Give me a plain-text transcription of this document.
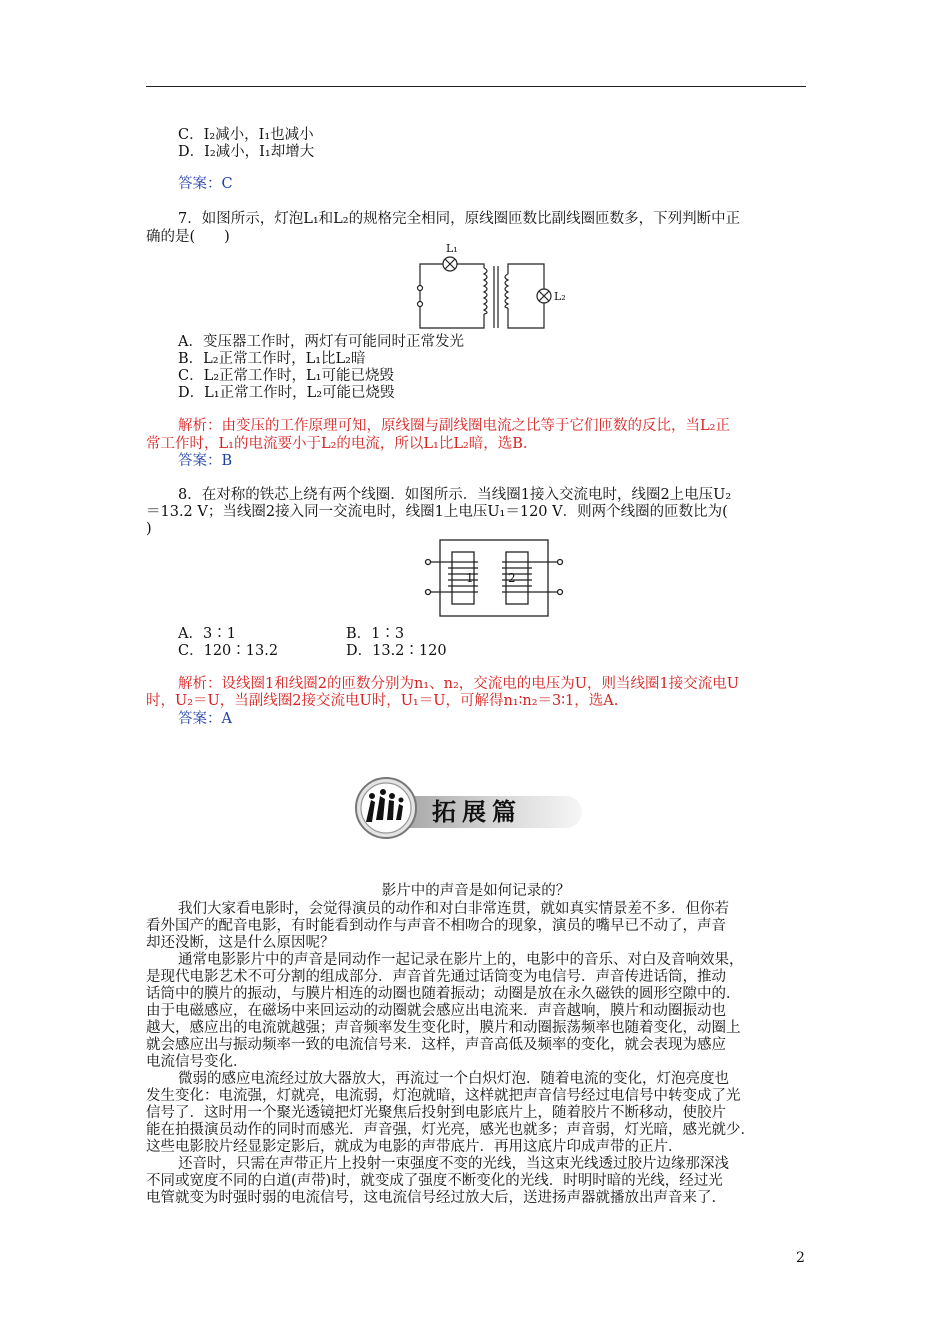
C．I₂减小，I₁也减小
D．I₂减小，I₁却增大
答案：C
7．如图所示，灯泡L₁和L₂的规格完全相同，原线圈匝数比副线圈匝数多，下列判断中正
确的是(　　)
L₁
L₂
A．变压器工作时，两灯有可能同时正常发光
B．L₂正常工作时，L₁比L₂暗
C．L₂正常工作时，L₁可能已烧毁
D．L₁正常工作时，L₂可能已烧毁
解析：由变压的工作原理可知，原线圈与副线圈电流之比等于它们匝数的反比，当L₂正
常工作时，L₁的电流要小于L₂的电流，所以L₁比L₂暗，选B.
答案：B
8．在对称的铁芯上绕有两个线圈．如图所示．当线圈1接入交流电时，线圈2上电压U₂
＝13.2 V；当线圈2接入同一交流电时，线圈1上电压U₁＝120 V．则两个线圈的匝数比为(
)
1	2
A．3∶1	B．1∶3
C．120∶13.2	D．13.2∶120
解析：设线圈1和线圈2的匝数分别为n₁、n₂，交流电的电压为U，则当线圈1接交流电U
时，U₂＝U，当副线圈2接交流电U时，U₁＝U，可解得n₁∶n₂＝3∶1，选A.
答案：A
拓展篇
影片中的声音是如何记录的？
我们大家看电影时，会觉得演员的动作和对白非常连贯，就如真实情景差不多．但你若
看外国产的配音电影，有时能看到动作与声音不相吻合的现象，演员的嘴早已不动了，声音
却还没断，这是什么原因呢？
通常电影影片中的声音是同动作一起记录在影片上的，电影中的音乐、对白及音响效果，
是现代电影艺术不可分割的组成部分．声音首先通过话筒变为电信号．声音传进话筒，推动
话筒中的膜片的振动，与膜片相连的动圈也随着振动；动圈是放在永久磁铁的圆形空隙中的．
由于电磁感应，在磁场中来回运动的动圈就会感应出电流来．声音越响，膜片和动圈振动也
越大，感应出的电流就越强；声音频率发生变化时，膜片和动圈振荡频率也随着变化，动圈上
就会感应出与振动频率一致的电流信号来．这样，声音高低及频率的变化，就会表现为感应
电流信号变化．
微弱的感应电流经过放大器放大，再流过一个白炽灯泡．随着电流的变化，灯泡亮度也
发生变化：电流强，灯就亮，电流弱，灯泡就暗，这样就把声音信号经过电信号中转变成了光
信号了．这时用一个聚光透镜把灯光聚焦后投射到电影底片上，随着胶片不断移动，使胶片
能在拍摄演员动作的同时而感光．声音强，灯光亮，感光也就多；声音弱，灯光暗，感光就少．
这些电影胶片经显影定影后，就成为电影的声带底片．再用这底片印成声带的正片．
还音时，只需在声带正片上投射一束强度不变的光线，当这束光线透过胶片边缘那深浅
不同或宽度不同的白道(声带)时，就变成了强度不断变化的光线．时明时暗的光线，经过光
电管就变为时强时弱的电流信号，这电流信号经过放大后，送进扬声器就播放出声音来了．
2
